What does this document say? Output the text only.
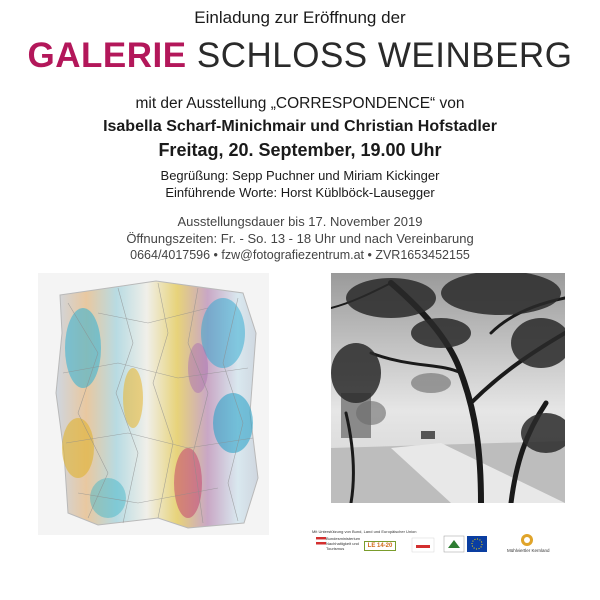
Einladung zur Eröffnung der
GALERIE SCHLOSS WEINBERG
mit der Ausstellung „CORRESPONDENCE“ von
Isabella Scharf-Minichmair und Christian Hofstadler
Freitag, 20. September, 19.00 Uhr
Begrüßung: Sepp Puchner und Miriam Kickinger
Einführende Worte: Horst Küblböck-Lausegger
Ausstellungsdauer bis 17. November 2019
Öffnungszeiten: Fr. - So. 13 - 18 Uhr und nach Vereinbarung
0664/4017596 • fzw@fotografiezentrum.at • ZVR1653452155
Mit Unterstützung von Bund, Land und Europäischer Union
Bundesministerium
Nachhaltigkeit und
Tourismus	LE 14-20
Mühlviertler Kernland
